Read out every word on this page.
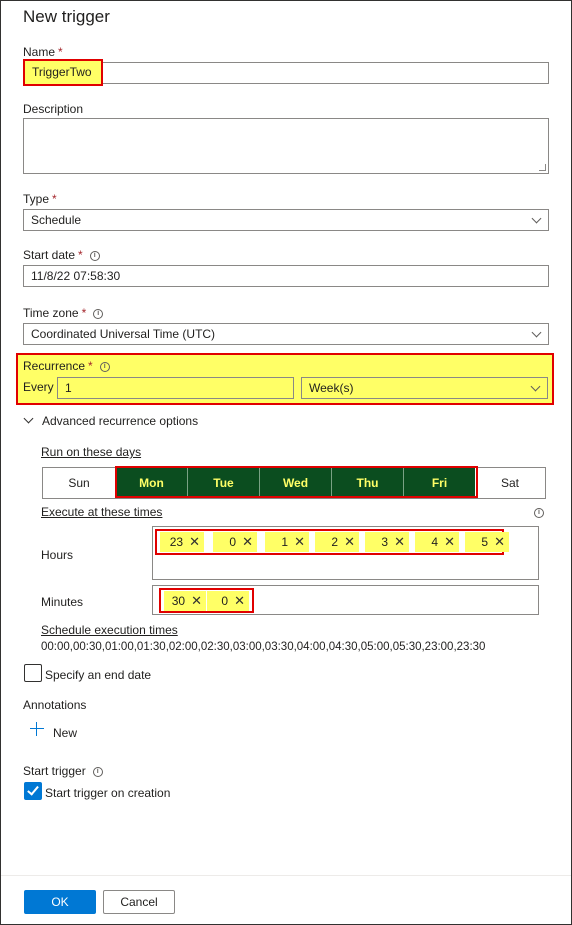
New trigger
Name *
TriggerTwo
Description
Type *
Schedule
Start date * i
11/8/22 07:58:30
Time zone * i
Coordinated Universal Time (UTC)
Recurrence * i
Every 1	Week(s)
Advanced recurrence options
Run on these days
Sun	Mon	Tue	Wed	Thu	Fri	Sat
Execute at these times	i
Hours
23 ✕	0 ✕	1 ✕	2 ✕	3 ✕	4 ✕	5 ✕
Minutes	30 ✕	0 ✕
Schedule execution times
00:00,00:30,01:00,01:30,02:00,02:30,03:00,03:30,04:00,04:30,05:00,05:30,23:00,23:30
Specify an end date
Annotations
New
Start trigger i
Start trigger on creation
OK	Cancel
